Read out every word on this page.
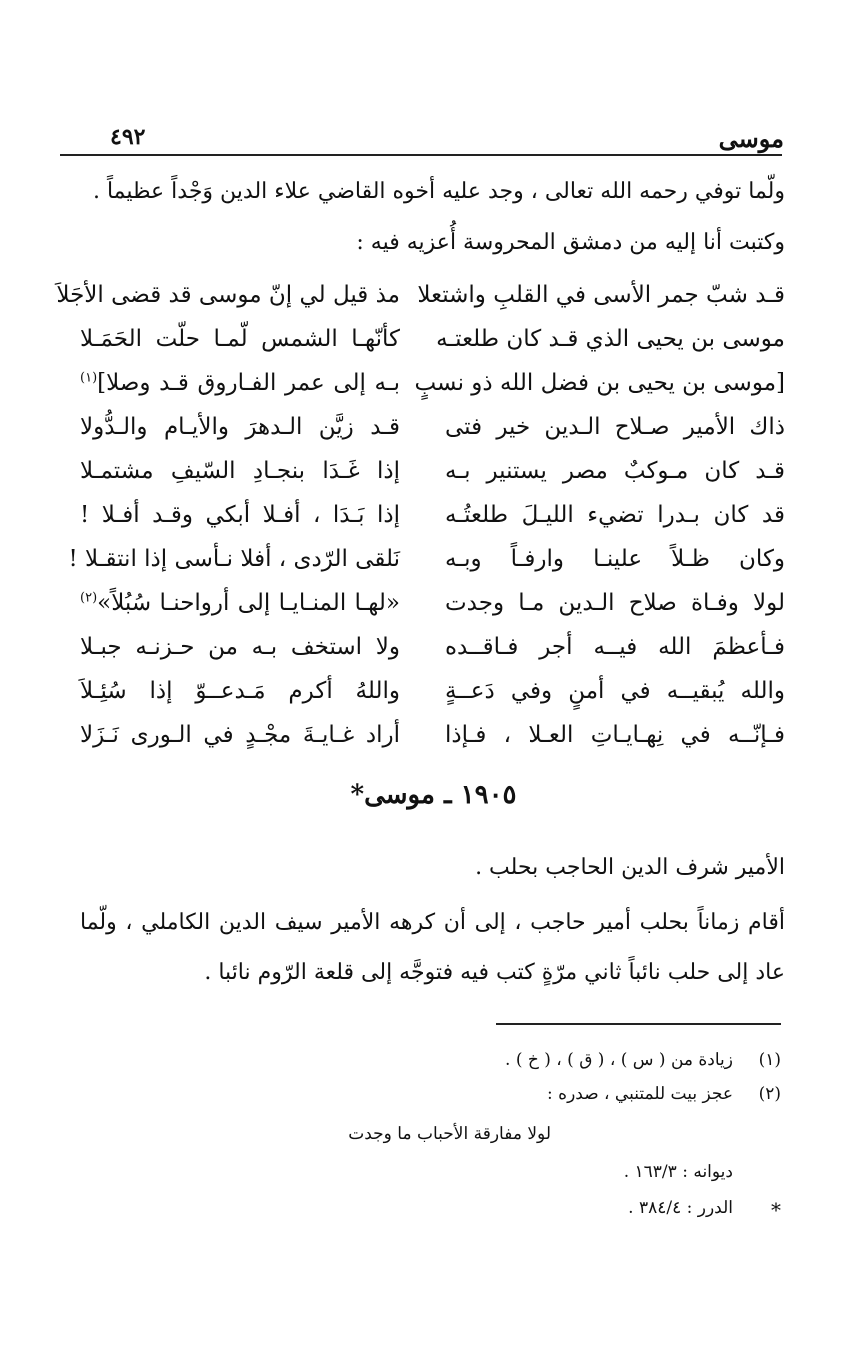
موسى
٤٩٢
ولّما توفي رحمه الله تعالى ، وجد عليه أخوه القاضي علاء الدين وَجْداً عظيماً .
وكتبت أنا إليه من دمشق المحروسة أُعزيه فيه :
قـد شبّ جمر الأسى في القلبِ واشتعلا
مذ قيل لي إنّ موسى قد قضى الأجَلاَ
موسى بن يحيى الذي قـد كان طلعتـه
كأنّهـا الشمس لّمـا حلّت الحَمَـلا
[موسى بن يحيى بن فضل الله ذو نسبٍ
بـه إلى عمر الفـاروق قـد وصلا]$^{(١)}$
ذاك الأمير صـلاح الـدين خير فتى
قـد زيَّن الـدهرَ والأيـام والـدُّولا
قـد كان مـوكبٌ مصر يستنير بـه
إذا غَـدَا بنجـادِ السّيفِ مشتمـلا
قد كان بـدرا تضيء الليـلَ طلعتُـه
إذا بَـدَا ، أفـلا أبكي وقـد أفـلا !
وكان ظـلاً علينـا وارفـاً وبـه
نَلقى الرّدى ، أفلا نـأسى إذا انتقـلا !
لولا وفـاة صلاح الـدين مـا وجدت
«لهـا المنـايـا إلى أرواحنـا سُبُلاً»$^{(٢)}$
فـأعظمَ الله فيــه أجر فـاقــده
ولا استخف بـه من حـزنـه جبـلا
والله يُبقيــه في أمنٍ وفي دَعــةٍ
واللهُ أكرم مَـدعــوّ إذا سُئِـلاَ
فـإنّــه في نِهـايـاتِ العـلا ، فـإذا
أراد غـايـةَ مجْـدٍ في الـورى نَـزَلا
١٩٠٥ ـ موسى*
الأمير شرف الدين الحاجب بحلب .
أقام زماناً بحلب أمير حاجب ، إلى أن كرهه الأمير سيف الدين الكاملي ، ولّما عاد إلى حلب نائباً ثاني مرّةٍ كتب فيه فتوجَّه إلى قلعة الرّوم نائبا .
(١)
زيادة من ( س ) ، ( ق ) ، ( خ ) .
(٢)
عجز بيت للمتنبي ، صدره :
لولا مفارقة الأحباب ما وجدت
ديوانه : ١٦٣/٣ .
*
الدرر : ٣٨٤/٤ .
